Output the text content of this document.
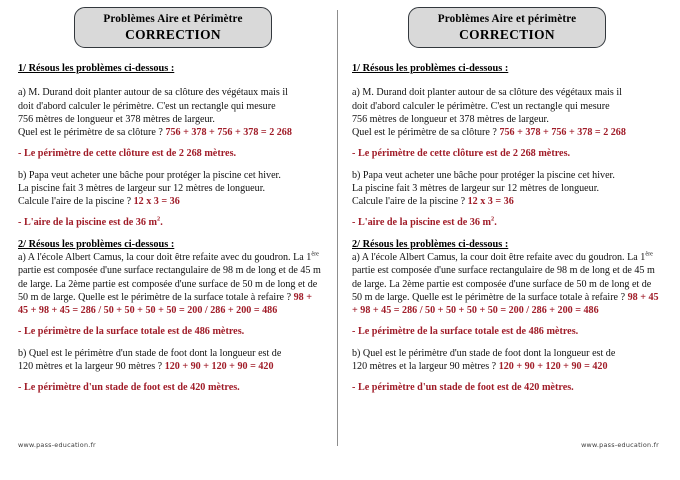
Problèmes Aire et Périmètre
CORRECTION
1/ Résous les problèmes ci-dessous :

a) M. Durand doit planter autour de sa clôture des végétaux mais il
doit d'abord calculer le périmètre. C'est un rectangle qui mesure
756 mètres de longueur et 378 mètres de largeur.
Quel est le périmètre de sa clôture ? 756 + 378 + 756 + 378 = 2 268

- Le périmètre de cette clôture est de 2 268 mètres.

b) Papa veut acheter une bâche pour protéger la piscine cet hiver.
La piscine fait 3 mètres de largeur sur 12 mètres de longueur.
Calcule l'aire de la piscine ? 12 x 3 = 36

- L'aire de la piscine est de 36 $m^2$.

2/ Résous les problèmes ci-dessous :

a) A l'école Albert Camus, la cour doit être refaite avec du goudron. La 1ère partie est composée d'une surface rectangulaire de 98 m de long et de 45 m de large. La 2ème partie est composée d'une surface de 50 m de long et de 50 m de large. Quelle est le périmètre de la surface totale à refaire ? 98 + 45 + 98 + 45 = 286 / 50 + 50 + 50 + 50 = 200 / 286 + 200 = 486

- Le périmètre de la surface totale est de 486 mètres.

b) Quel est le périmètre d'un stade de foot dont la longueur est de
120 mètres et la largeur 90 mètres ? 120 + 90 + 120 + 90 = 420

- Le périmètre d'un stade de foot est de 420 mètres.

www.pass-education.fr
Problèmes Aire et périmètre
CORRECTION
1/ Résous les problèmes ci-dessous :

a) M. Durand doit planter autour de sa clôture des végétaux mais il
doit d'abord calculer le périmètre. C'est un rectangle qui mesure
756 mètres de longueur et 378 mètres de largeur.
Quel est le périmètre de sa clôture ? 756 + 378 + 756 + 378 = 2 268

- Le périmètre de cette clôture est de 2 268 mètres.

b) Papa veut acheter une bâche pour protéger la piscine cet hiver.
La piscine fait 3 mètres de largeur sur 12 mètres de longueur.
Calcule l'aire de la piscine ? 12 x 3 = 36

- L'aire de la piscine est de 36 $m^2$.

2/ Résous les problèmes ci-dessous :

a) A l'école Albert Camus, la cour doit être refaite avec du goudron. La 1ère partie est composée d'une surface rectangulaire de 98 m de long et de 45 m de large. La 2ème partie est composée d'une surface de 50 m de long et de 50 m de large. Quelle est le périmètre de la surface totale à refaire ? 98 + 45 + 98 + 45 = 286 / 50 + 50 + 50 + 50 = 200 / 286 + 200 = 486

- Le périmètre de la surface totale est de 486 mètres.

b) Quel est le périmètre d'un stade de foot dont la longueur est de
120 mètres et la largeur 90 mètres ? 120 + 90 + 120 + 90 = 420

- Le périmètre d'un stade de foot est de 420 mètres.

www.pass-education.fr
